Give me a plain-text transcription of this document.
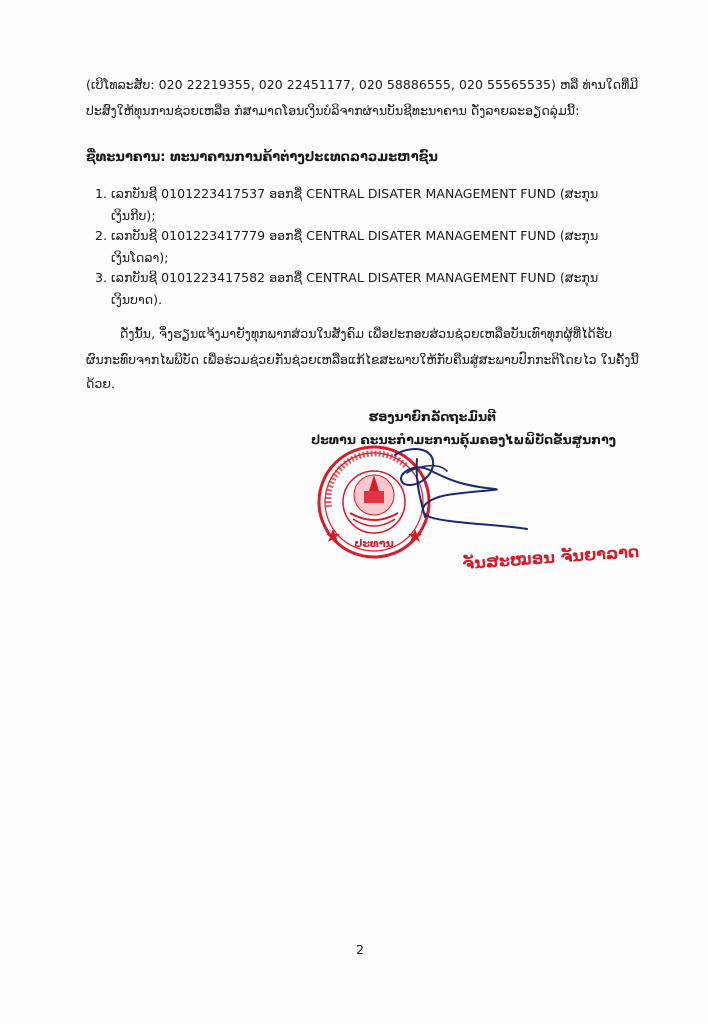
(ເບີໂທລະສັບ: 020 22219355, 020 22451177, 020 58886555, 020 55565535) ຫລື ທ່ານໃດທີ່ມີ
ປະສົງໃຫ້ທຸນການຊ່ວຍເຫລືອ ກໍສາມາດໂອນເງິນບໍລິຈາກຜ່ານບັນຊີທະນາຄານ ດັ່ງລາຍລະອຽດລຸ່ມນີ້:
ຊື່ທະນາຄານ: ທະນາຄານການຄ້າຕ່າງປະເທດລາວມະຫາຊົນ
1. ເລກບັນຊີ 0101223417537 ອອກຊື່ CENTRAL DISATER MANAGEMENT FUND (ສະກຸນ
ເງິນກີບ);
2. ເລກບັນຊີ 0101223417779 ອອກຊື່ CENTRAL DISATER MANAGEMENT FUND (ສະກຸນ
ເງິນໂດລາ);
3. ເລກບັນຊີ 0101223417582 ອອກຊື່ CENTRAL DISATER MANAGEMENT FUND (ສະກຸນ
ເງິນບາດ).
ດັ່ງນັ້ນ, ຈຶ່ງຮຽນແຈ້ງມາຍັງທຸກພາກສ່ວນໃນສັງຄົມ ເພື່ອປະກອບສ່ວນຊ່ວຍເຫລືອບັນເທົາທຸກຜູ້ທີ່ໄດ້ຮັບ
ຜົນກະທົບຈາກໄພພິບັດ ເພື່ອຮ່ວມຊ່ວຍກັນຊ່ວຍເຫລືອແກ້ໄຂສະພາບໃຫ້ກັບຄືນສູ່ສະພາບປົກກະຕິໂດຍໄວ ໃນຄັ້ງນີ້
ດ້ວຍ.
ຮອງນາຍົກລັດຖະມົນຕີ
ປະທານ ຄະນະກຳມະການຄຸ້ມຄອງໄພພິບັດຂັ້ນສູນກາງ
ປະທານ	ຈັນສະໝອນ ຈັນຍາລາດ
2
